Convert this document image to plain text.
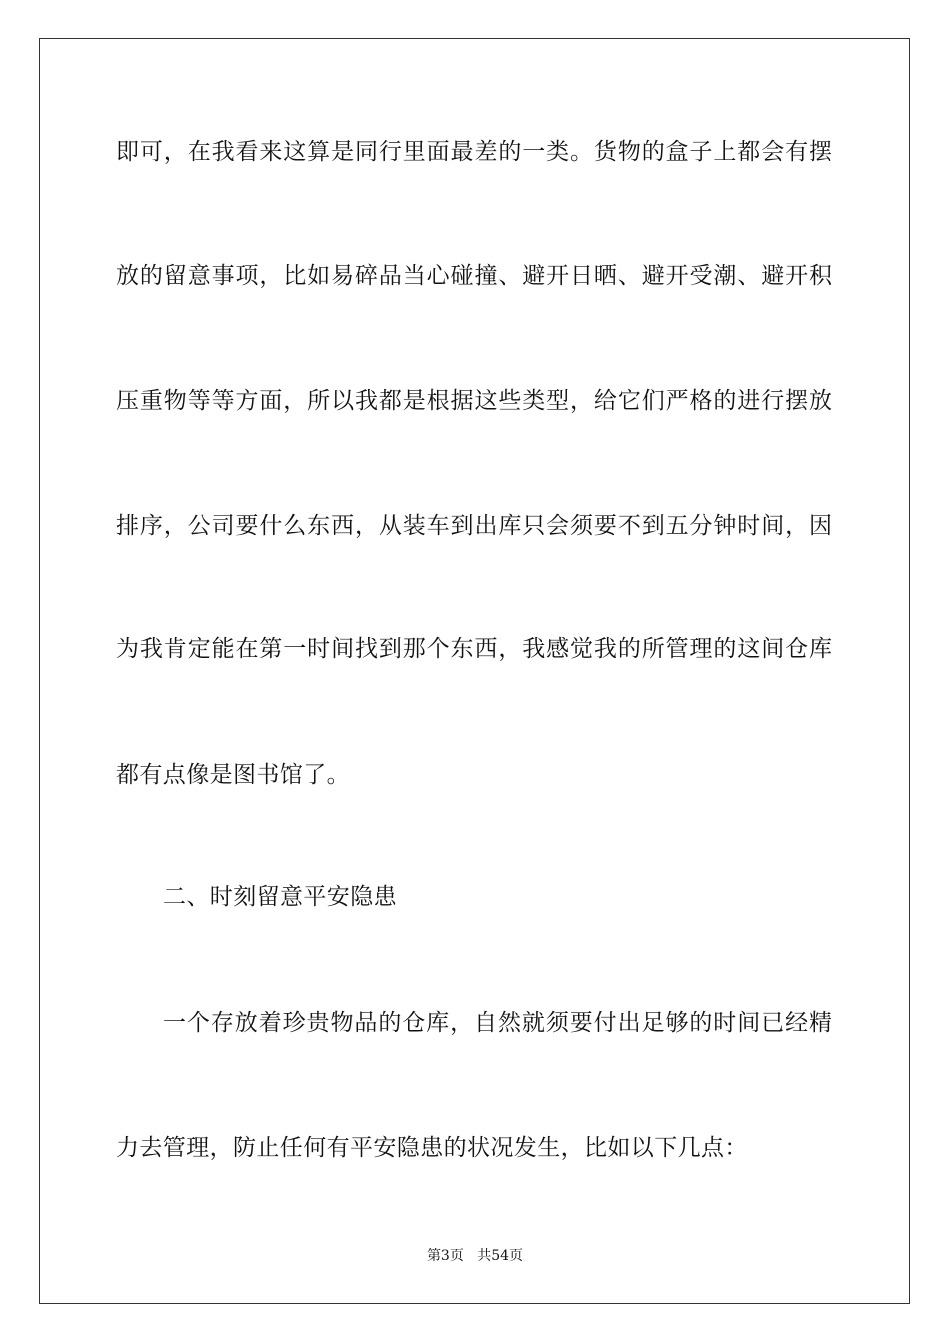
即可，在我看来这算是同行里面最差的一类。货物的盒子上都会有摆
放的留意事项，比如易碎品当心碰撞、避开日晒、避开受潮、避开积
压重物等等方面，所以我都是根据这些类型，给它们严格的进行摆放
排序，公司要什么东西，从装车到出库只会须要不到五分钟时间，因
为我肯定能在第一时间找到那个东西，我感觉我的所管理的这间仓库
都有点像是图书馆了。
二、时刻留意平安隐患
一个存放着珍贵物品的仓库，自然就须要付出足够的时间已经精
力去管理，防止任何有平安隐患的状况发生，比如以下几点：
第3页 共54页
